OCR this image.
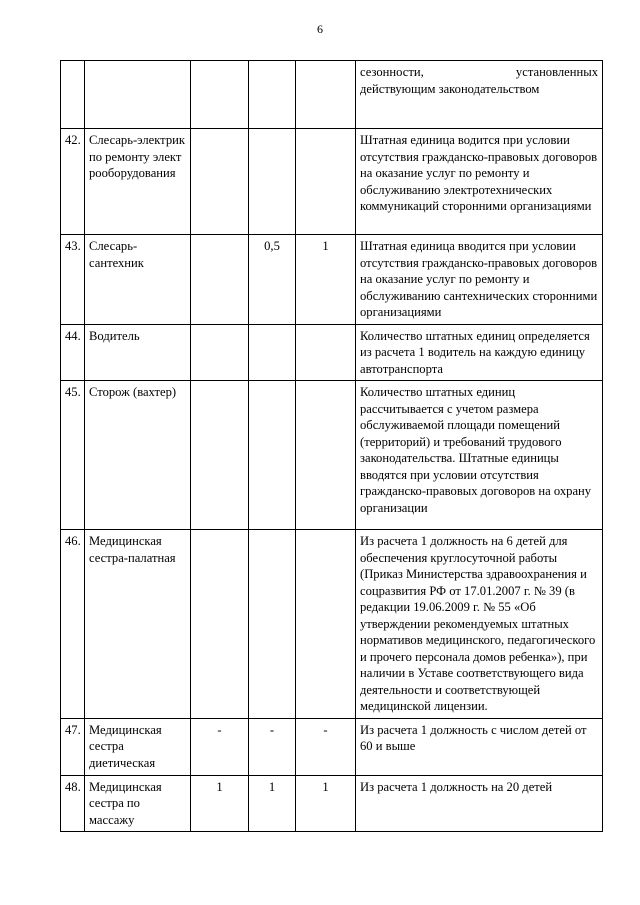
6

					сезонности, установленных
действующим законодательством

42.	Слесарь-электрик по ремонту электрооборудования				Штатная единица водится при условии отсутствия гражданско-правовых договоров на оказание услуг по ремонту и обслуживанию электротехнических коммуникаций сторонними организациями
43.	Слесарь-сантехник		0,5	1	Штатная единица вводится при условии отсутствия гражданско-правовых договоров на оказание услуг по ремонту и обслуживанию сантехнических сторонними организациями
44.	Водитель				Количество штатных единиц определяется из расчета 1 водитель на каждую единицу автотранспорта
45.	Сторож (вахтер)				Количество штатных единиц рассчитывается с учетом размера обслуживаемой площади помещений (территорий) и требований трудового законодательства. Штатные единицы вводятся при условии отсутствия гражданско-правовых договоров на охрану организации
46.	Медицинская сестра-палатная				Из расчета 1 должность на 6 детей для обеспечения круглосуточной работы (Приказ Министерства здравоохранения и соцразвития РФ от 17.01.2007 г. № 39 (в редакции 19.06.2009 г. № 55 «Об утверждении рекомендуемых штатных нормативов медицинского, педагогического и прочего персонала домов ребенка»), при наличии в Уставе соответствующего вида деятельности и соответствующей медицинской лицензии.
47.	Медицинская сестра диетическая	-	-	-	Из расчета 1 должность с числом детей от 60 и выше
48.	Медицинская сестра по массажу	1	1	1	Из расчета 1 должность на 20 детей
